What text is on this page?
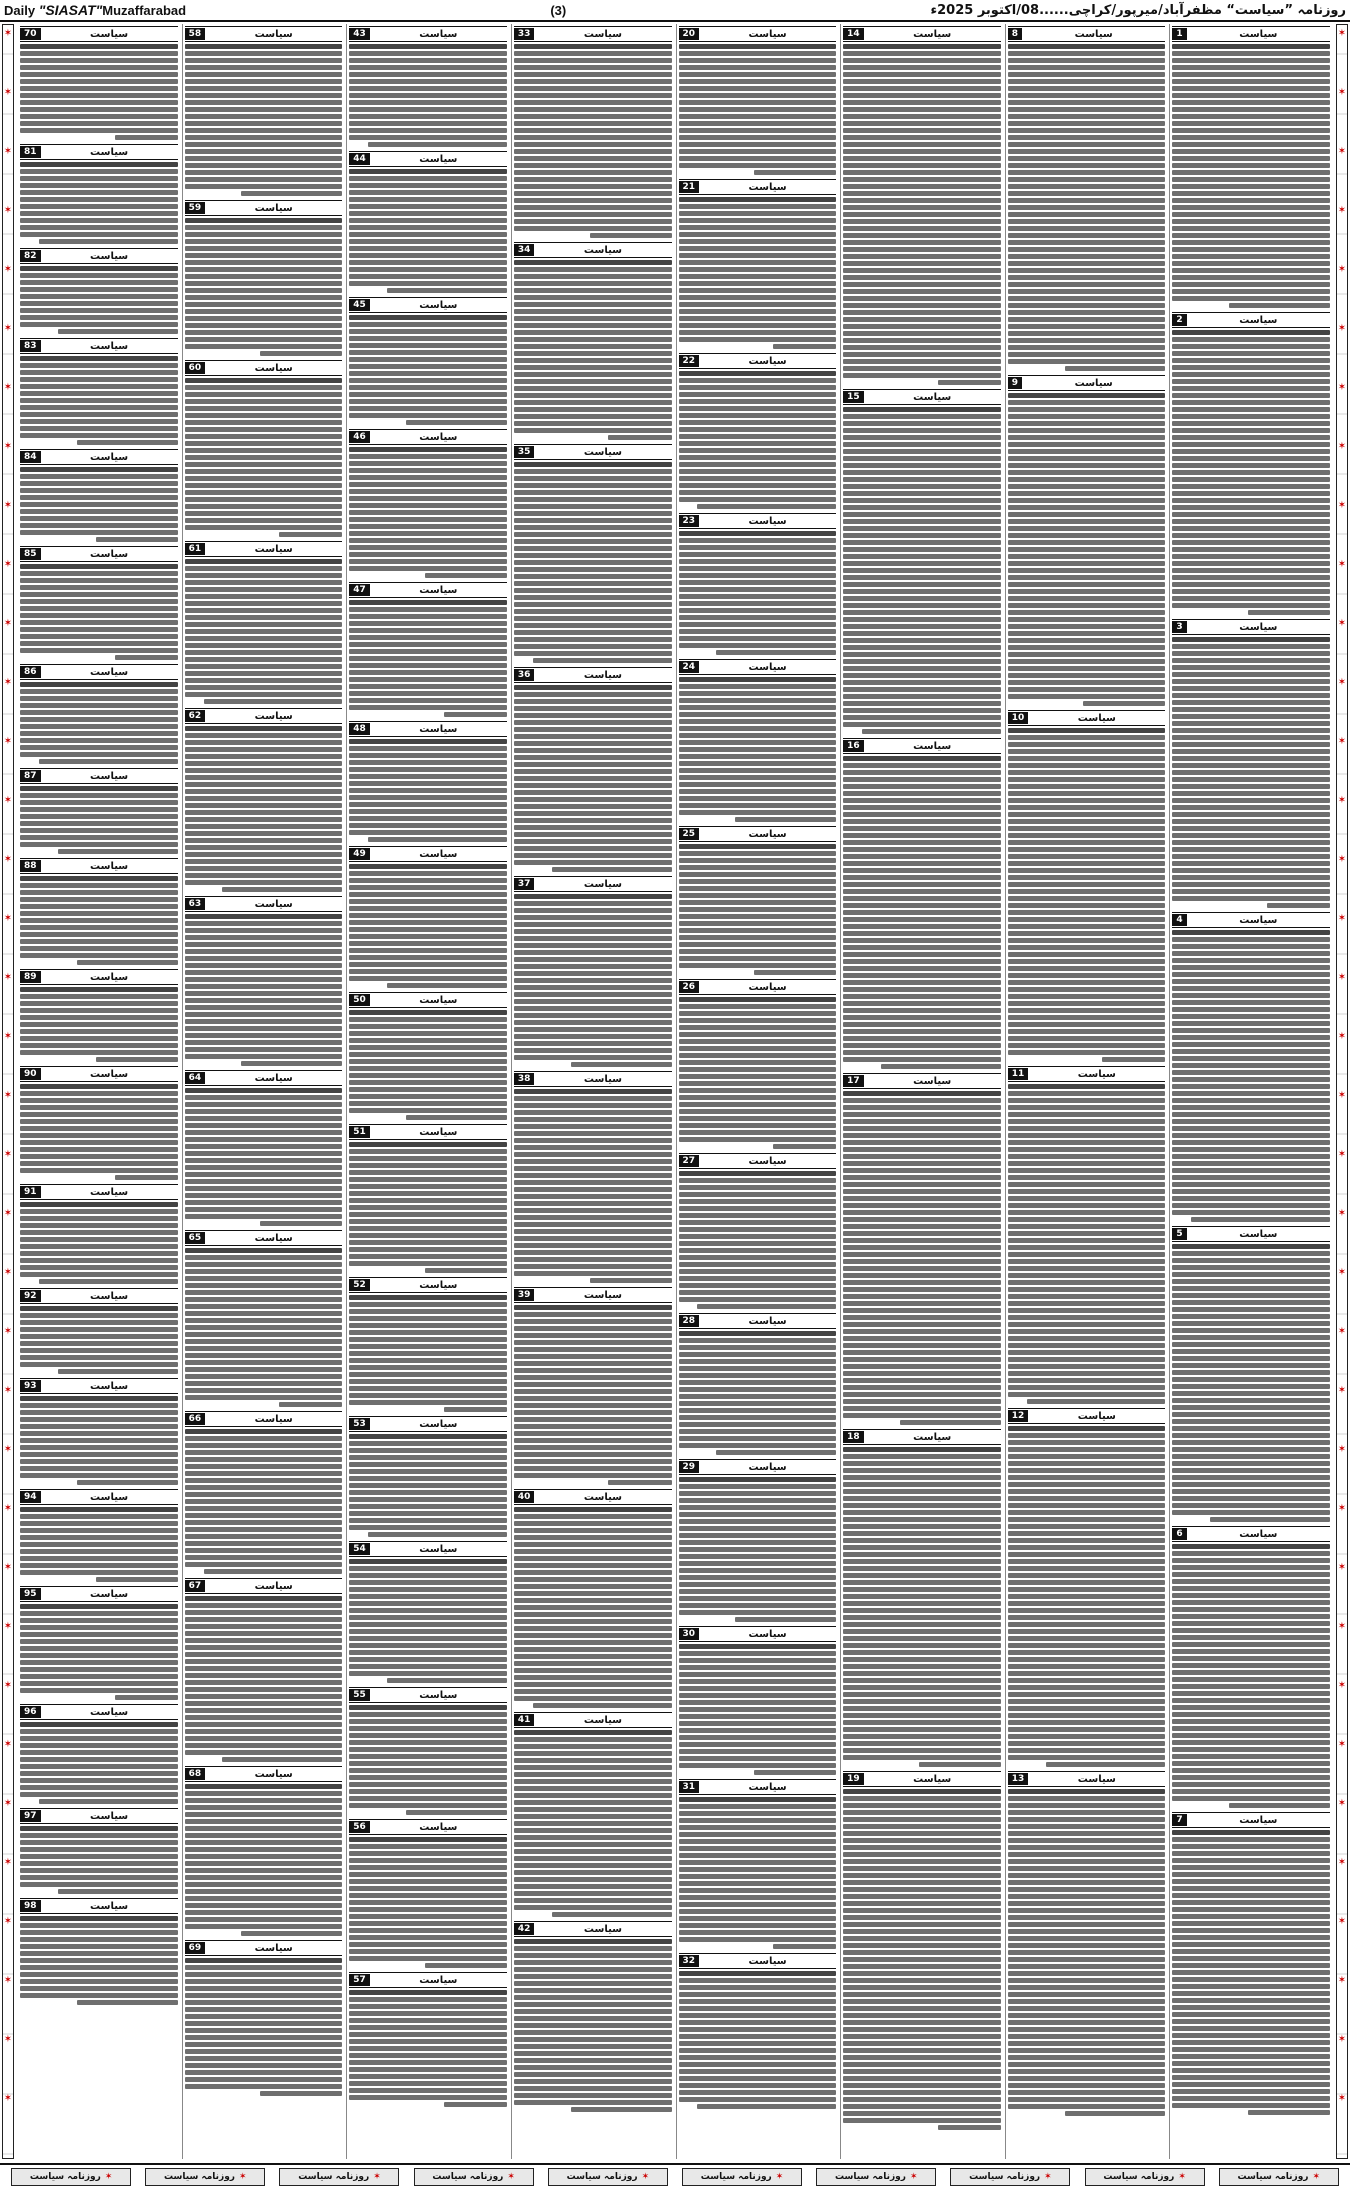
Daily "SIASAT"Muzaffarabad	(3)	روزنامہ ”سیاست“ مظفرآباد/میرپور/کراچی......08/اکتوبر 2025ء
✶
✶
✶
✶
✶
✶
✶
✶
✶
✶
✶
✶
✶
✶
✶
✶
✶
✶
✶
✶
✶
✶
✶
✶
✶
✶
✶
✶
✶
✶
✶
✶
✶
✶
✶
✶
✶
✶
✶
✶
✶
✶
✶
✶
✶
✶
✶
✶
✶
✶
✶
✶
✶
✶
✶
✶
✶
✶
✶
✶
✶
✶
✶
✶
✶
✶
✶
✶
✶
✶
✶
✶
سیاست
1
سیاست
2
سیاست
3
سیاست
4
سیاست
5
سیاست
6
سیاست
7
سیاست
8
سیاست
9
سیاست
10
سیاست
11
سیاست
12
سیاست
13
سیاست
14
سیاست
15
سیاست
16
سیاست
17
سیاست
18
سیاست
19
سیاست
20
سیاست
21
سیاست
22
سیاست
23
سیاست
24
سیاست
25
سیاست
26
سیاست
27
سیاست
28
سیاست
29
سیاست
30
سیاست
31
سیاست
32
سیاست
33
سیاست
34
سیاست
35
سیاست
36
سیاست
37
سیاست
38
سیاست
39
سیاست
40
سیاست
41
سیاست
42
سیاست
43
سیاست
44
سیاست
45
سیاست
46
سیاست
47
سیاست
48
سیاست
49
سیاست
50
سیاست
51
سیاست
52
سیاست
53
سیاست
54
سیاست
55
سیاست
56
سیاست
57
سیاست
58
سیاست
59
سیاست
60
سیاست
61
سیاست
62
سیاست
63
سیاست
64
سیاست
65
سیاست
66
سیاست
67
سیاست
68
سیاست
69
سیاست
70
سیاست
81
سیاست
82
سیاست
83
سیاست
84
سیاست
85
سیاست
86
سیاست
87
سیاست
88
سیاست
89
سیاست
90
سیاست
91
سیاست
92
سیاست
93
سیاست
94
سیاست
95
سیاست
96
سیاست
97
سیاست
98
✶
روزنامہ سیاست	✶
روزنامہ سیاست	✶
روزنامہ سیاست	✶
روزنامہ سیاست	✶
روزنامہ سیاست	✶
روزنامہ سیاست	✶
روزنامہ سیاست	✶
روزنامہ سیاست	✶
روزنامہ سیاست	✶
روزنامہ سیاست
